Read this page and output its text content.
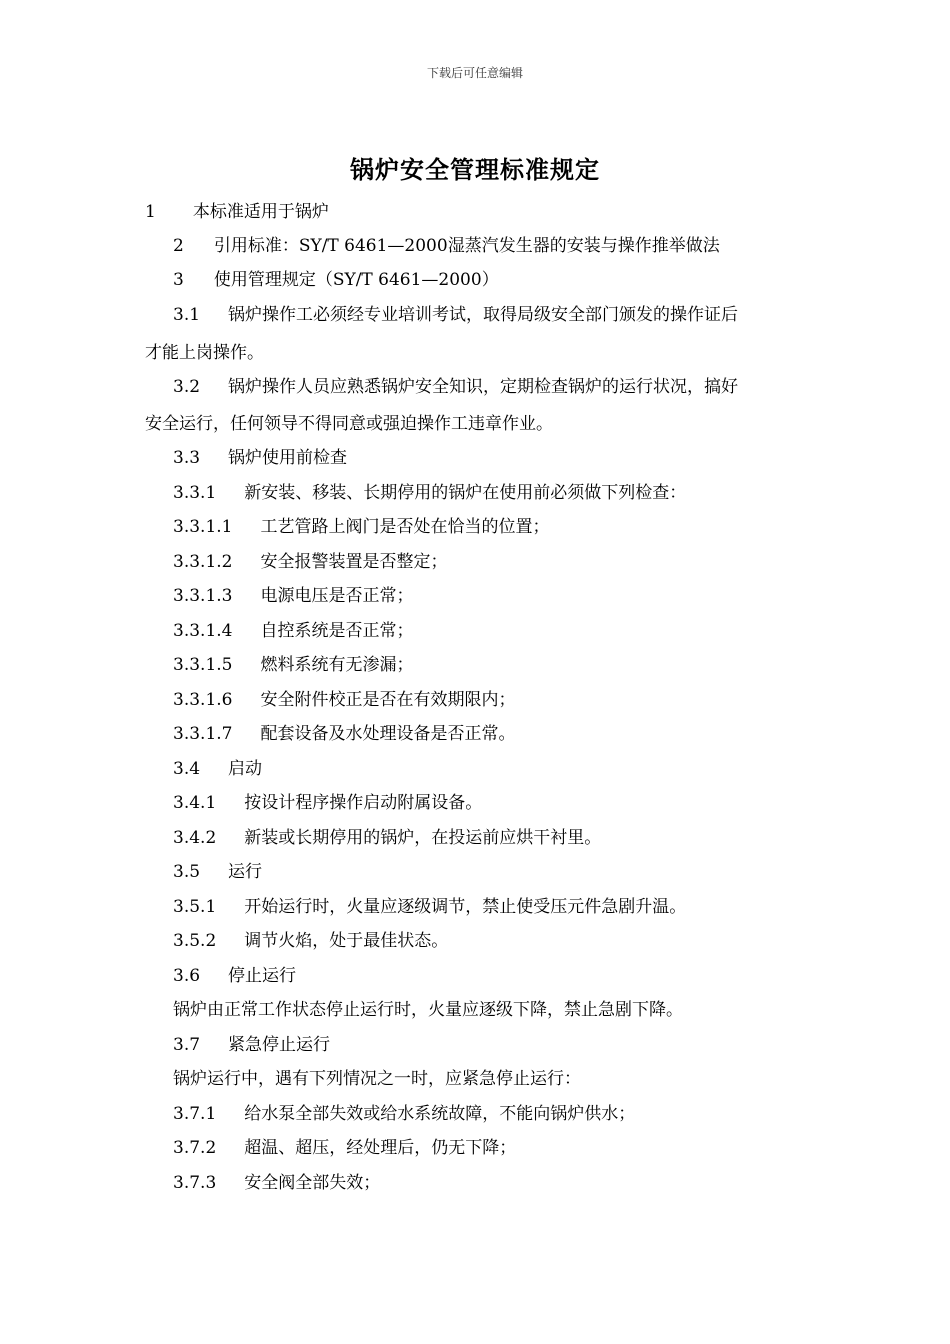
下载后可任意编辑
锅炉安全管理标准规定
1 本标准适用于锅炉
2 引用标准：SY/T 6461—2000湿蒸汽发生器的安装与操作推举做法
3 使用管理规定（SY/T 6461—2000）
3.1 锅炉操作工必须经专业培训考试，取得局级安全部门颁发的操作证后
才能上岗操作。
3.2 锅炉操作人员应熟悉锅炉安全知识，定期检查锅炉的运行状况，搞好
安全运行，任何领导不得同意或强迫操作工违章作业。
3.3 锅炉使用前检查
3.3.1 新安装、移装、长期停用的锅炉在使用前必须做下列检查：
3.3.1.1 工艺管路上阀门是否处在恰当的位置；
3.3.1.2 安全报警装置是否整定；
3.3.1.3 电源电压是否正常；
3.3.1.4 自控系统是否正常；
3.3.1.5 燃料系统有无渗漏；
3.3.1.6 安全附件校正是否在有效期限内；
3.3.1.7 配套设备及水处理设备是否正常。
3.4 启动
3.4.1 按设计程序操作启动附属设备。
3.4.2 新装或长期停用的锅炉，在投运前应烘干衬里。
3.5 运行
3.5.1 开始运行时，火量应逐级调节，禁止使受压元件急剧升温。
3.5.2 调节火焰，处于最佳状态。
3.6 停止运行
锅炉由正常工作状态停止运行时，火量应逐级下降，禁止急剧下降。
3.7 紧急停止运行
锅炉运行中，遇有下列情况之一时，应紧急停止运行：
3.7.1 给水泵全部失效或给水系统故障，不能向锅炉供水；
3.7.2 超温、超压，经处理后，仍无下降；
3.7.3 安全阀全部失效；
